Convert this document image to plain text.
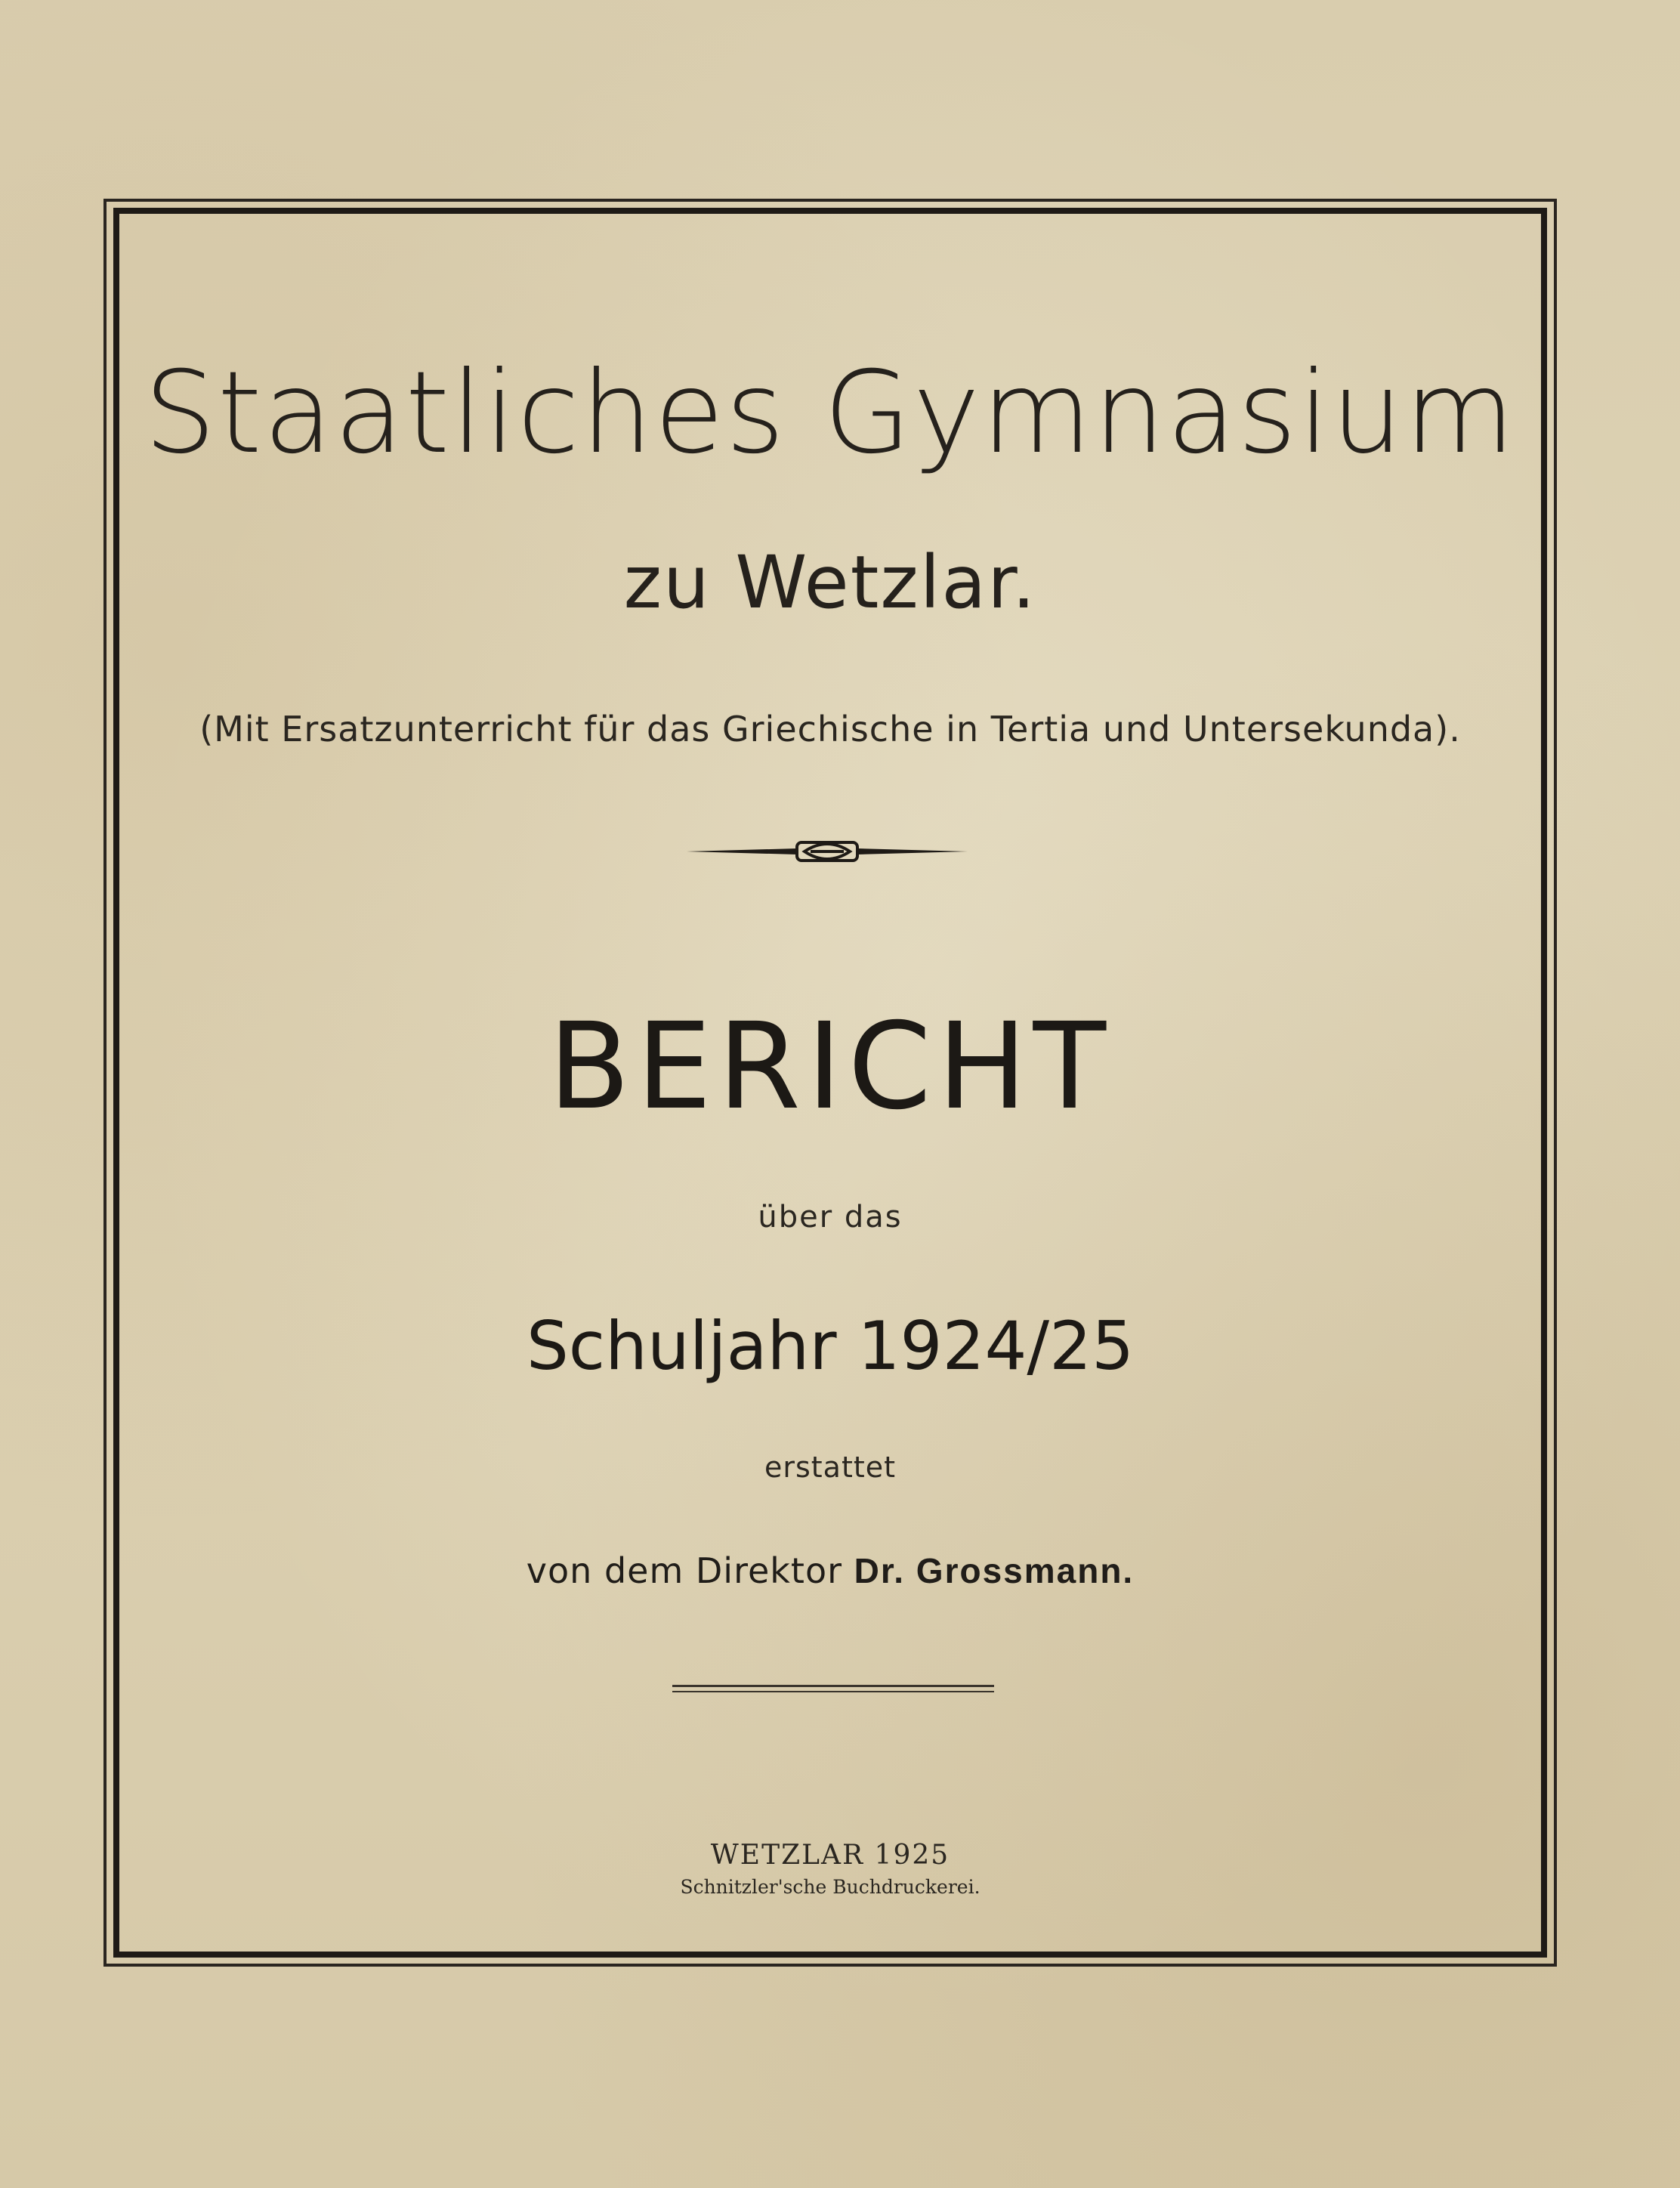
Staatliches Gymnasium
zu Wetzlar.
(Mit Ersatzunterricht für das Griechische in Tertia und Untersekunda).
BERICHT
über das
Schuljahr 1924/25
erstattet
von dem Direktor Dr. Grossmann.
WETZLAR 1925
Schnitzler'sche Buchdruckerei.
